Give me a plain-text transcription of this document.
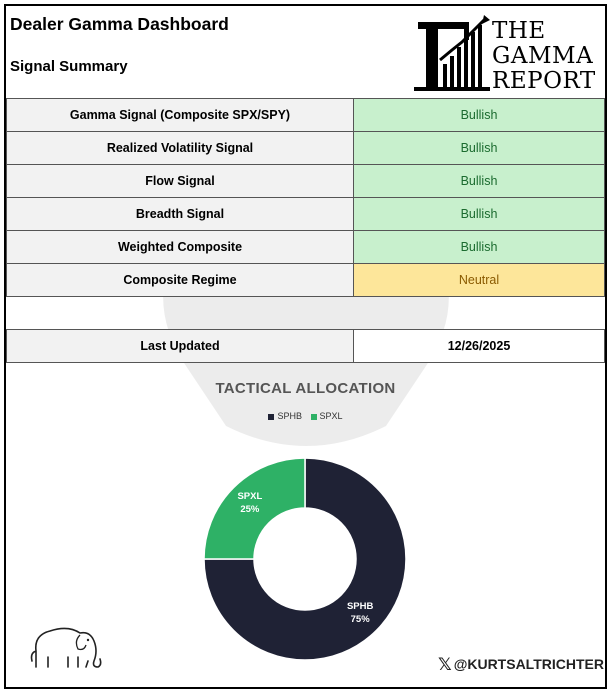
Dealer Gamma Dashboard
Signal Summary
THE
GAMMA
REPORT
Gamma Signal (Composite SPX/SPY)	Bullish
Realized Volatility Signal	Bullish
Flow Signal	Bullish
Breadth Signal	Bullish
Weighted Composite	Bullish
Composite Regime	Neutral

Last Updated	12/26/2025
TACTICAL ALLOCATION
SPHB SPXL
SPHB
75%
SPXL
25%
𝕏 @KURTSALTRICHTER
